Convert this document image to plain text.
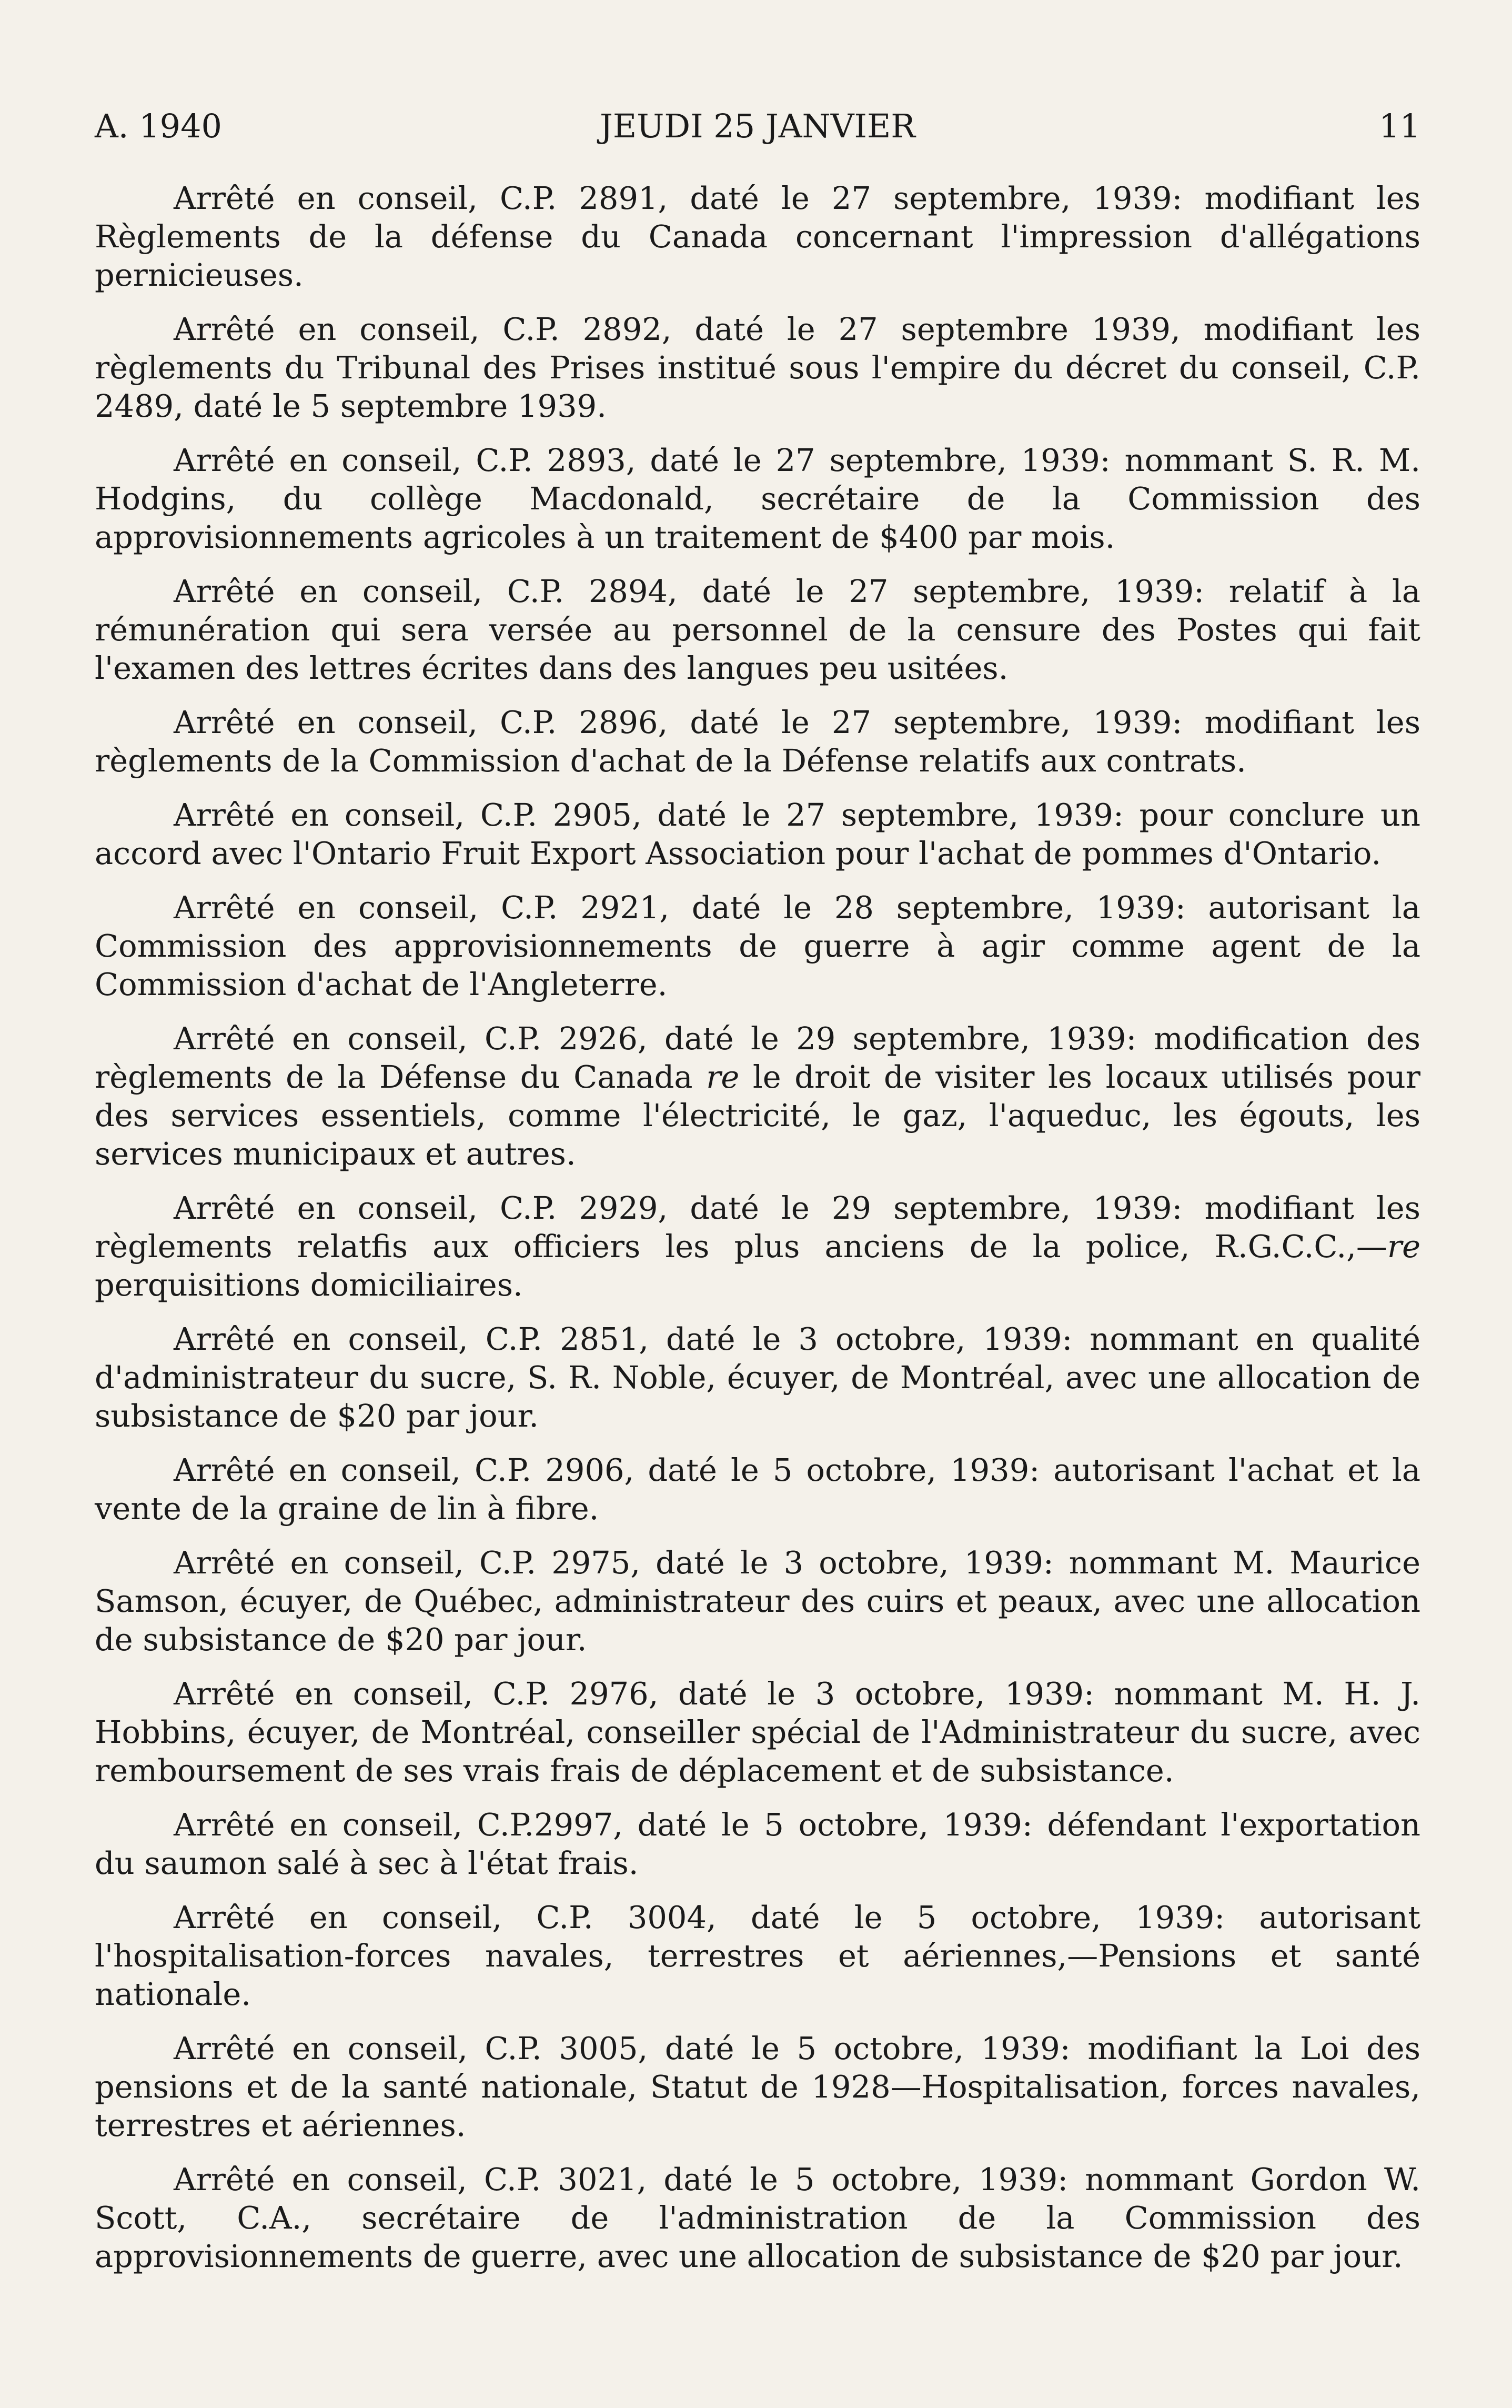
A. 1940	JEUDI 25 JANVIER	11

Arrêté en conseil, C.P. 2891, daté le 27 septembre, 1939: modifiant les Règlements de la défense du Canada concernant l'impression d'allégations pernicieuses.

Arrêté en conseil, C.P. 2892, daté le 27 septembre 1939, modifiant les règlements du Tribunal des Prises institué sous l'empire du décret du conseil, C.P. 2489, daté le 5 septembre 1939.

Arrêté en conseil, C.P. 2893, daté le 27 septembre, 1939: nommant S. R. M. Hodgins, du collège Macdonald, secrétaire de la Commission des approvisionnements agricoles à un traitement de $400 par mois.

Arrêté en conseil, C.P. 2894, daté le 27 septembre, 1939: relatif à la rémunération qui sera versée au personnel de la censure des Postes qui fait l'examen des lettres écrites dans des langues peu usitées.

Arrêté en conseil, C.P. 2896, daté le 27 septembre, 1939: modifiant les règlements de la Commission d'achat de la Défense relatifs aux contrats.

Arrêté en conseil, C.P. 2905, daté le 27 septembre, 1939: pour conclure un accord avec l'Ontario Fruit Export Association pour l'achat de pommes d'Ontario.

Arrêté en conseil, C.P. 2921, daté le 28 septembre, 1939: autorisant la Commission des approvisionnements de guerre à agir comme agent de la Commission d'achat de l'Angleterre.

Arrêté en conseil, C.P. 2926, daté le 29 septembre, 1939: modification des règlements de la Défense du Canada re le droit de visiter les locaux utilisés pour des services essentiels, comme l'électricité, le gaz, l'aqueduc, les égouts, les services municipaux et autres.

Arrêté en conseil, C.P. 2929, daté le 29 septembre, 1939: modifiant les règlements relatfis aux officiers les plus anciens de la police, R.G.C.C.,—re perquisitions domiciliaires.

Arrêté en conseil, C.P. 2851, daté le 3 octobre, 1939: nommant en qualité d'administrateur du sucre, S. R. Noble, écuyer, de Montréal, avec une allocation de subsistance de $20 par jour.

Arrêté en conseil, C.P. 2906, daté le 5 octobre, 1939: autorisant l'achat et la vente de la graine de lin à fibre.

Arrêté en conseil, C.P. 2975, daté le 3 octobre, 1939: nommant M. Maurice Samson, écuyer, de Québec, administrateur des cuirs et peaux, avec une allocation de subsistance de $20 par jour.

Arrêté en conseil, C.P. 2976, daté le 3 octobre, 1939: nommant M. H. J. Hobbins, écuyer, de Montréal, conseiller spécial de l'Administrateur du sucre, avec remboursement de ses vrais frais de déplacement et de subsistance.

Arrêté en conseil, C.P.2997, daté le 5 octobre, 1939: défendant l'exportation du saumon salé à sec à l'état frais.

Arrêté en conseil, C.P. 3004, daté le 5 octobre, 1939: autorisant l'hospitalisation-forces navales, terrestres et aériennes,—Pensions et santé nationale.

Arrêté en conseil, C.P. 3005, daté le 5 octobre, 1939: modifiant la Loi des pensions et de la santé nationale, Statut de 1928—Hospitalisation, forces navales, terrestres et aériennes.

Arrêté en conseil, C.P. 3021, daté le 5 octobre, 1939: nommant Gordon W. Scott, C.A., secrétaire de l'administration de la Commission des approvisionnements de guerre, avec une allocation de subsistance de $20 par jour.
